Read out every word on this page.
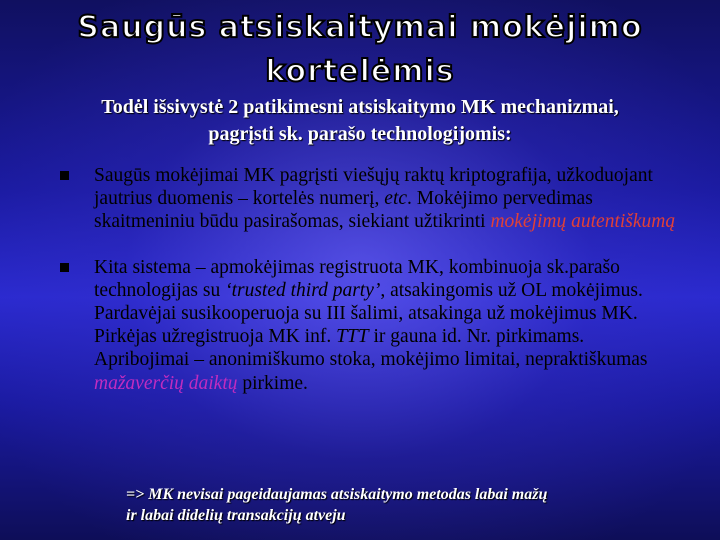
Saugūs atsiskaitymai mokėjimo
kortelėmis
Todėl išsivystė 2 patikimesni atsiskaitymo MK mechanizmai,
pagrįsti sk. parašo technologijomis:
Saugūs mokėjimai MK pagrįsti viešųjų raktų kriptografija, užkoduojant jautrius duomenis – kortelės numerį, etc. Mokėjimo pervedimas skaitmeniniu būdu pasirašomas, siekiant užtikrinti mokėjimų autentiškumą
Kita sistema – apmokėjimas registruota MK, kombinuoja sk.parašo technologijas su ‘trusted third party’, atsakingomis už OL mokėjimus. Pardavėjai susikooperuoja su III šalimi, atsakinga už mokėjimus MK. Pirkėjas užregistruoja MK inf. TTT ir gauna id. Nr. pirkimams. Apribojimai – anonimiškumo stoka, mokėjimo limitai, nepraktiškumas mažaverčių daiktų pirkime.
=> MK nevisai pageidaujamas atsiskaitymo metodas labai mažų
ir labai didelių transakcijų atveju
